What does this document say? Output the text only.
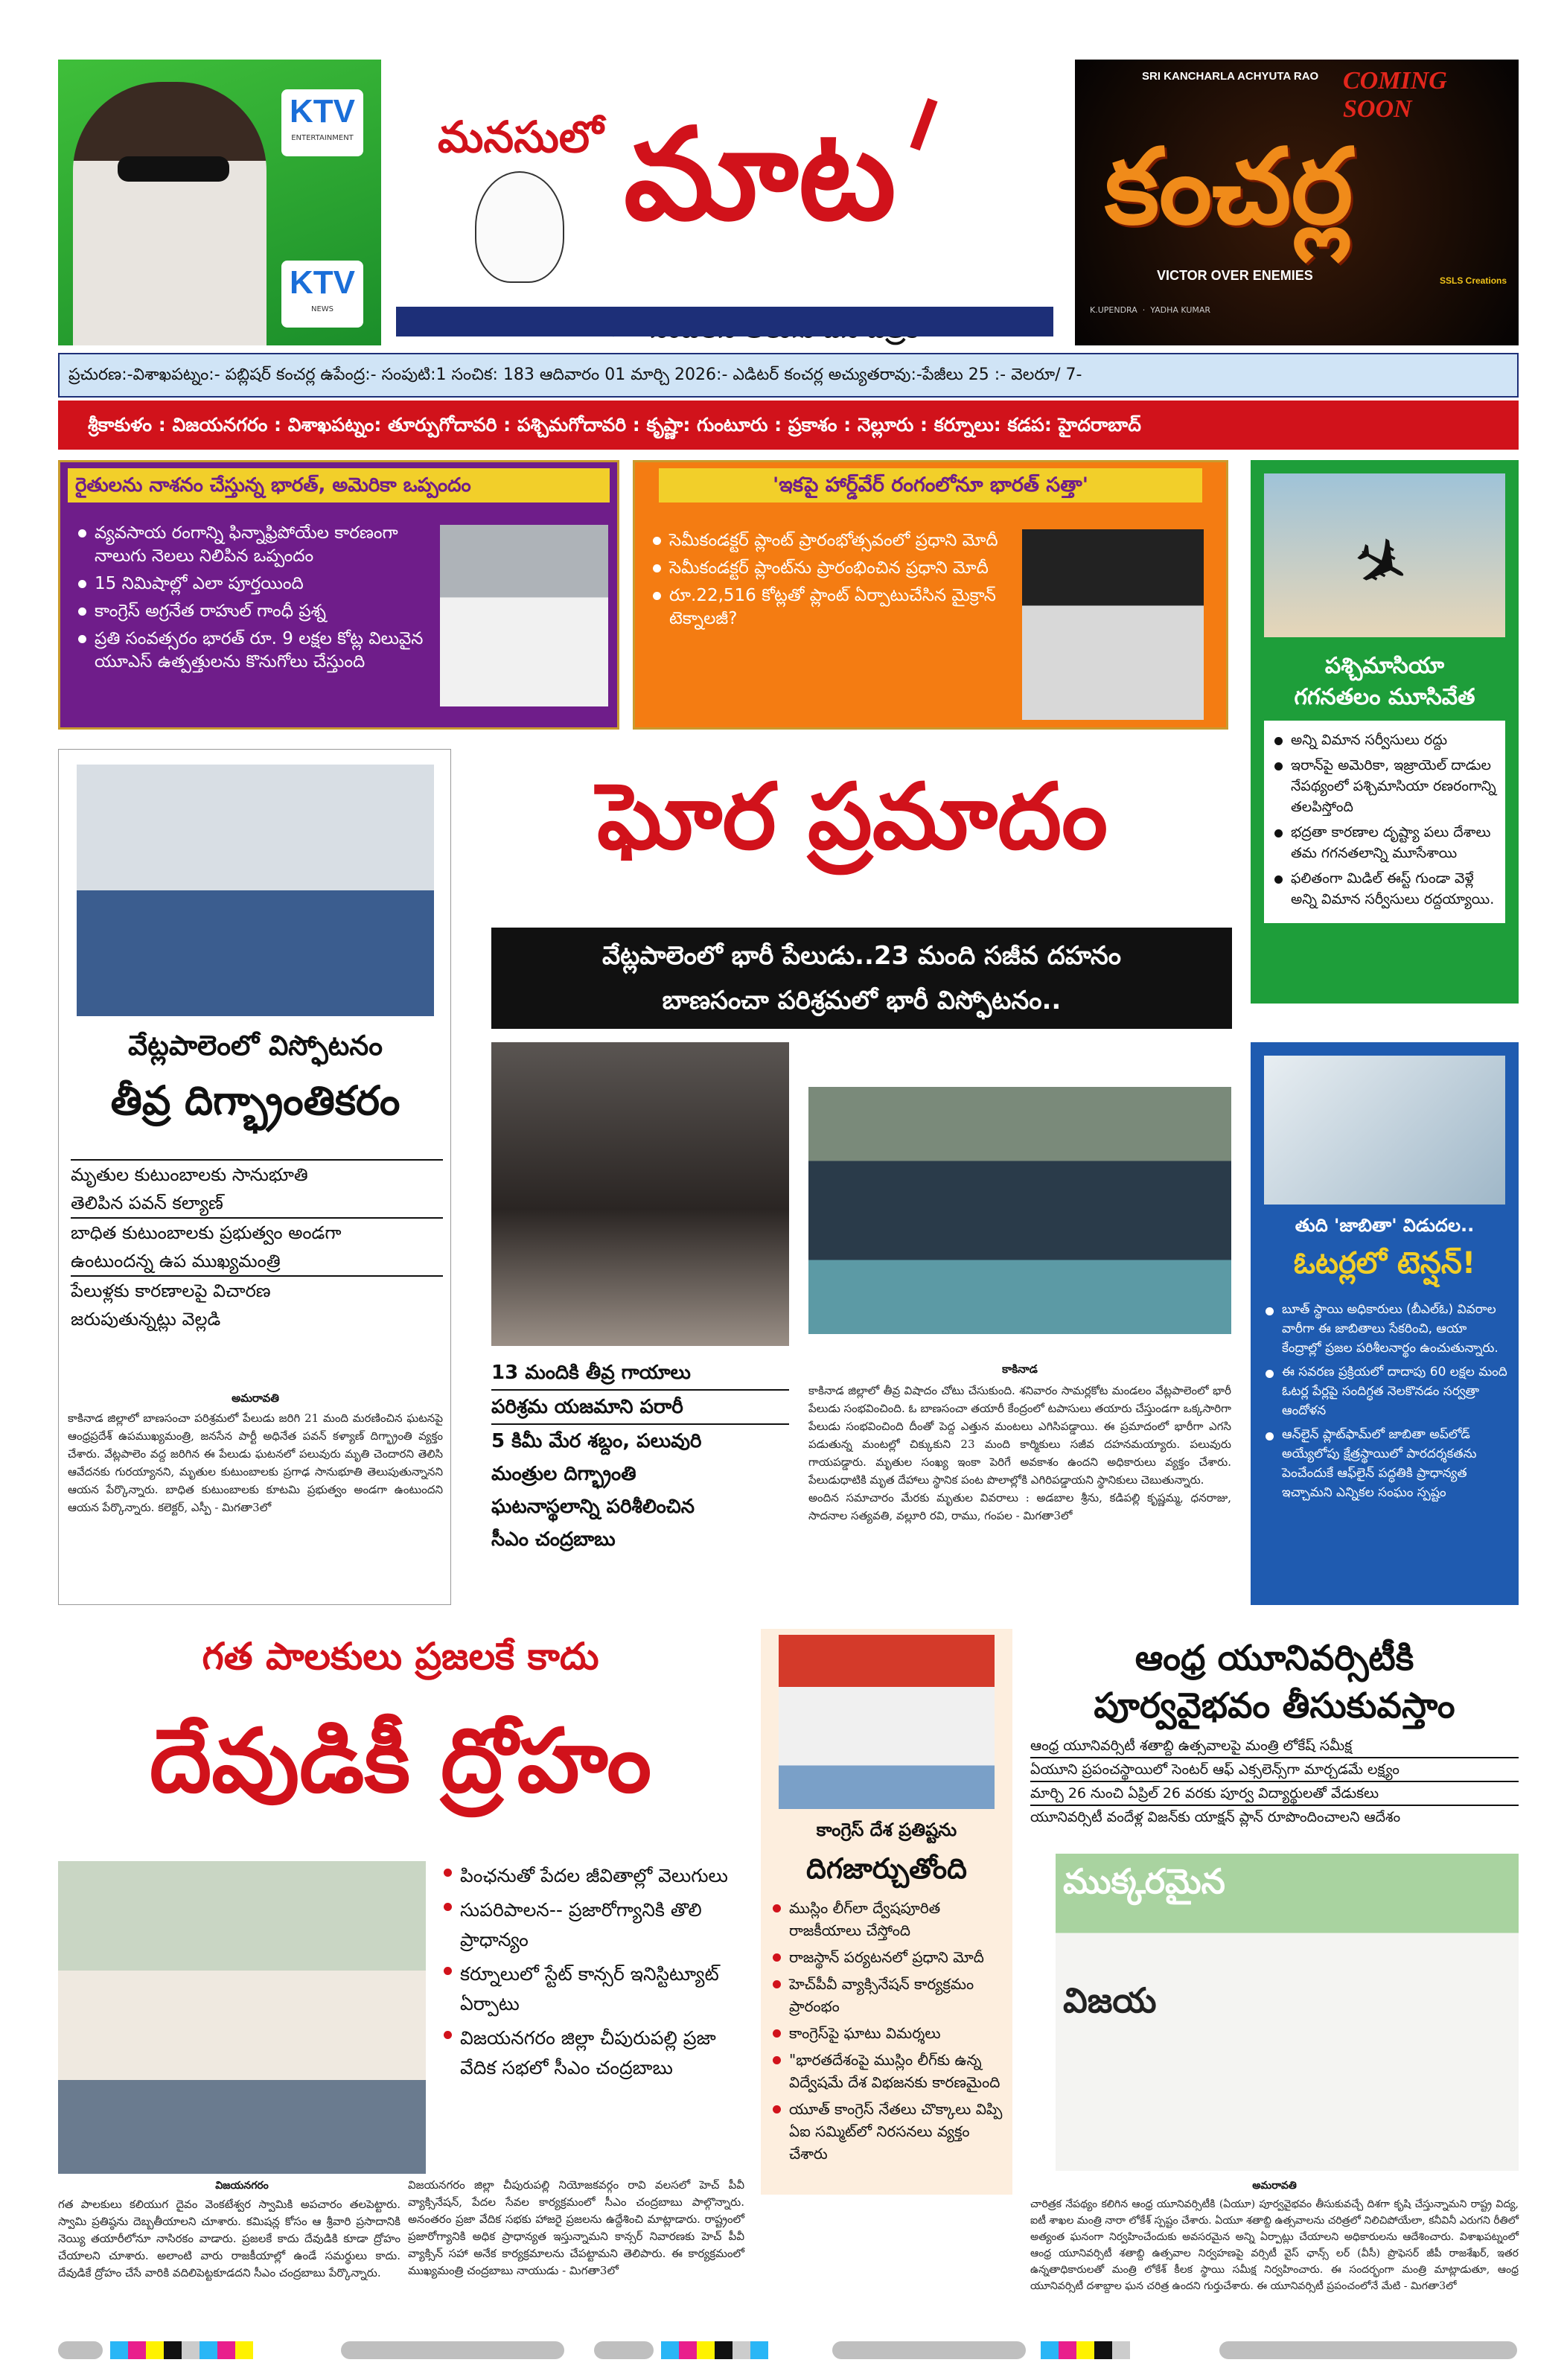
KTV
ENTERTAINMENT
KTV
NEWS
మనసులో మాట
SRI KANCHARLA ACHYUTA RAO COMING SOON
కంచర్ల
VICTOR OVER ENEMIES	SSLS Creations
K.UPENDRA  ·  YADHA KUMAR
ప్రచురణ:-విశాఖపట్నం:- పబ్లిషర్ కంచర్ల ఉపేంద్ర:- సంపుటి:1 సంచిక: 183 ఆదివారం 01 మార్చి 2026:- ఎడిటర్ కంచర్ల అచ్యుతరావు:-పేజీలు 25 :- వెలరూ/ 7-
శ్రీకాకుళం : విజయనగరం : విశాఖపట్నం: తూర్పుగోదావరి : పశ్చిమగోదావరి : కృష్ణా: గుంటూరు : ప్రకాశం : నెల్లూరు : కర్నూలు: కడప: హైదరాబాద్
రైతులను నాశనం చేస్తున్న భారత్, అమెరికా ఒప్పందం
వ్యవసాయ రంగాన్ని ఫిన్నాఫ్రిపోయేల కారణంగా నాలుగు నెలలు నిలిపిన ఒప్పందం
15 నిమిషాల్లో ఎలా పూర్తయింది
కాంగ్రెస్ అగ్రనేత రాహుల్ గాంధీ ప్రశ్న
ప్రతి సంవత్సరం భారత్ రూ. 9 లక్షల కోట్ల విలువైన యూఎస్ ఉత్పత్తులను కొనుగోలు చేస్తుంది
'ఇకపై హార్డ్‌వేర్ రంగంలోనూ భారత్ సత్తా'
సెమీకండక్టర్ ప్లాంట్ ప్రారంభోత్సవంలో ప్రధాని మోదీ
సెమీకండక్టర్ ప్లాంట్‌ను ప్రారంభించిన ప్రధాని మోదీ
రూ.22,516 కోట్లతో ప్లాంట్ ఏర్పాటుచేసిన మైక్రాన్ టెక్నాలజీ?
✈
పశ్చిమాసియా
గగనతలం మూసివేత
అన్ని విమాన సర్వీసులు రద్దు
ఇరాన్‌పై అమెరికా, ఇజ్రాయెల్ దాడుల నేపథ్యంలో పశ్చిమాసియా రణరంగాన్ని తలపిస్తోంది
భద్రతా కారణాల దృష్ట్యా పలు దేశాలు తమ గగనతలాన్ని మూసేశాయి
ఫలితంగా మిడిల్ ఈస్ట్ గుండా వెళ్లే అన్ని విమాన సర్వీసులు రద్దయ్యాయి.
వేట్లపాలెంలో విస్ఫోటనం
తీవ్ర దిగ్భ్రాంతికరం
మృతుల కుటుంబాలకు సానుభూతి
తెలిపిన పవన్ కల్యాణ్
బాధిత కుటుంబాలకు ప్రభుత్వం అండగా
ఉంటుందన్న ఉప ముఖ్యమంత్రి
పేలుళ్లకు కారణాలపై విచారణ
జరుపుతున్నట్లు వెల్లడి
అమరావతి
కాకినాడ జిల్లాలో బాణసంచా పరిశ్రమలో పేలుడు జరిగి 21 మంది మరణించిన ఘటనపై ఆంధ్రప్రదేశ్ ఉపముఖ్యమంత్రి, జనసేన పార్టీ అధినేత పవన్ కళ్యాణ్ దిగ్భ్రాంతి వ్యక్తం చేశారు. వేట్లపాలెం వద్ద జరిగిన ఈ పేలుడు ఘటనలో పలువురు మృతి చెందారని తెలిసి ఆవేదనకు గురయ్యానని, మృతుల కుటుంబాలకు ప్రగాఢ సానుభూతి తెలుపుతున్నానని ఆయన పేర్కొన్నారు. బాధిత కుటుంబాలకు కూటమి ప్రభుత్వం అండగా ఉంటుందని ఆయన పేర్కొన్నారు. కలెక్టర్, ఎస్పీ - మిగతా3లో
ఘోర ప్రమాదం
వేట్లపాలెంలో భారీ పేలుడు..23 మంది సజీవ దహనం
బాణసంచా పరిశ్రమలో భారీ విస్ఫోటనం..
13 మందికి తీవ్ర గాయాలు
పరిశ్రమ యజమాని పరారీ
5 కిమీ మేర శబ్దం, పలువురి
మంత్రుల దిగ్భ్రాంతి
ఘటనాస్థలాన్ని పరిశీలించిన
సీఎం చంద్రబాబు
కాకినాడ
కాకినాడ జిల్లాలో తీవ్ర విషాదం చోటు చేసుకుంది. శనివారం సామర్లకోట మండలం వేట్లపాలెంలో భారీ పేలుడు సంభవించింది. ఓ బాణసంచా తయారీ కేంద్రంలో టపాసులు తయారు చేస్తుండగా ఒక్కసారిగా పేలుడు సంభవించింది దీంతో పెద్ద ఎత్తున మంటలు ఎగిసిపడ్డాయి. ఈ ప్రమాదంలో భారీగా ఎగసి పడుతున్న మంటల్లో చిక్కుకుని 23 మంది కార్మికులు సజీవ దహనమయ్యారు. పలువురు గాయపడ్డారు. మృతుల సంఖ్య ఇంకా పెరిగే అవకాశం ఉందని అధికారులు వ్యక్తం చేశారు. పేలుడుధాటికి మృత దేహాలు స్థానిక పంట పొలాల్లోకి ఎగిరిపడ్డాయని స్థానికులు చెబుతున్నారు.
అందిన సమాచారం మేరకు మృతుల వివరాలు : అడబాల శ్రీను, కడిపల్లి కృష్ణమ్మ, ధనరాజు, సాదనాల సత్యవతి, వల్లూరి రవి, రాము, గంపల - మిగతా3లో
తుది 'జాబితా' విడుదల..
ఓటర్లలో టెన్షన్!
బూత్ స్థాయి అధికారులు (బీఎల్ఓ) వివరాల వారీగా ఈ జాబితాలు సేకరించి, ఆయా కేంద్రాల్లో ప్రజల పరిశీలనార్థం ఉంచుతున్నారు.
ఈ సవరణ ప్రక్రియలో దాదాపు 60 లక్షల మంది ఓటర్ల పేర్లపై సందిగ్ధత నెలకొనడం సర్వత్రా ఆందోళన
ఆన్‌లైన్ ప్లాట్‌ఫామ్‌లో జాబితా అప్‌లోడ్ అయ్యేలోపు క్షేత్రస్థాయిలో పారదర్శకతను పెంచేందుకే ఆఫ్‌లైన్ పద్ధతికి ప్రాధాన్యత ఇచ్చామని ఎన్నికల సంఘం స్పష్టం
గత పాలకులు ప్రజలకే కాదు
దేవుడికీ ద్రోహం
పింఛనుతో పేదల జీవితాల్లో వెలుగులు
సుపరిపాలన-- ప్రజారోగ్యానికి తొలి ప్రాధాన్యం
కర్నూలులో స్టేట్ కాన్సర్ ఇనిస్టిట్యూట్ ఏర్పాటు
విజయనగరం జిల్లా చీపురుపల్లి ప్రజా వేదిక సభలో సీఎం చంద్రబాబు
విజయనగరం
గత పాలకులు కలియుగ దైవం వెంకటేశ్వర స్వామికి అపచారం తలపెట్టారు. స్వామి ప్రతిష్ఠను దెబ్బతీయాలని చూశారు. కమిషన్ల కోసం ఆ శ్రీవారి ప్రసాదానికి నెయ్యి తయారీలోనూ నాసిరకం వాడారు. ప్రజలకే కాదు దేవుడికి కూడా ద్రోహం చేయాలని చూశారు. అలాంటి వారు రాజకీయాల్లో ఉండే సమర్థులు కాదు. దేవుడికే ద్రోహం చేసే వారికి వదిలిపెట్టకూడదని సీఎం చంద్రబాబు పేర్కొన్నారు.
విజయనగరం జిల్లా చీపురుపల్లి నియోజకవర్గం రావి వలసలో హెచ్ పీవీ వ్యాక్సినేషన్, పేదల సేవల కార్యక్రమంలో సీఎం చంద్రబాబు పాల్గొన్నారు. అనంతరం ప్రజా వేదిక సభకు హాజరై ప్రజలను ఉద్దేశించి మాట్లాడారు. రాష్ట్రంలో ప్రజారోగ్యానికి అధిక ప్రాధాన్యత ఇస్తున్నామని కాన్సర్ నివారణకు హెచ్ పీవీ వ్యాక్సిన్ సహా అనేక కార్యక్రమాలను చేపట్టామని తెలిపారు. ఈ కార్యక్రమంలో ముఖ్యమంత్రి చంద్రబాబు నాయుడు - మిగతా3లో
కాంగ్రెస్ దేశ ప్రతిష్టను
దిగజార్చుతోంది
ముస్లిం లీగ్‌లా ద్వేషపూరిత రాజకీయాలు చేస్తోంది
రాజస్థాన్ పర్యటనలో ప్రధాని మోదీ
హెచ్‌పీవీ వ్యాక్సినేషన్ కార్యక్రమం ప్రారంభం
కాంగ్రెస్‌పై ఘాటు విమర్శలు
"భారతదేశంపై ముస్లిం లీగ్‌కు ఉన్న విద్వేషమే దేశ విభజనకు కారణమైంది
యూత్ కాంగ్రెస్ నేతలు చొక్కాలు విప్పి ఏఐ సమ్మిట్‌లో నిరసనలు వ్యక్తం చేశారు
ఆంధ్ర యూనివర్సిటీకి
పూర్వవైభవం తీసుకువస్తాం
ఆంధ్ర యూనివర్సిటీ శతాబ్ది ఉత్సవాలపై మంత్రి లోకేష్ సమీక్ష
ఏయూని ప్రపంచస్థాయిలో సెంటర్ ఆఫ్ ఎక్సలెన్స్‌గా మార్చడమే లక్ష్యం
మార్చి 26 నుంచి ఏప్రిల్ 26 వరకు పూర్వ విద్యార్థులతో వేడుకలు
యూనివర్సిటీ వందేళ్ల విజన్‌కు యాక్షన్ ప్లాన్ రూపొందించాలని ఆదేశం
ముక్కరమైన
విజయ
అమరావతి
చారిత్రక నేపథ్యం కలిగిన ఆంధ్ర యూనివర్సిటీకి (ఏయూ) పూర్వవైభవం తీసుకువచ్చే దిశగా కృషి చేస్తున్నామని రాష్ట్ర విద్య, ఐటీ శాఖల మంత్రి నారా లోకేశ్ స్పష్టం చేశారు. ఏయూ శతాబ్ది ఉత్సవాలను చరిత్రలో నిలిచిపోయేలా, కనీవినీ ఎరుగని రీతిలో అత్యంత ఘనంగా నిర్వహించేందుకు అవసరమైన అన్ని ఏర్పాట్లు చేయాలని అధికారులను ఆదేశించారు. విశాఖపట్నంలో ఆంధ్ర యూనివర్సిటీ శతాబ్ది ఉత్సవాల నిర్వహణపై వర్సిటీ వైస్ ఛాన్స్ లర్ (వీసీ) ప్రొఫెసర్ జీపీ రాజశేఖర్, ఇతర ఉన్నతాధికారులతో మంత్రి లోకేశ్ కీలక స్థాయి సమీక్ష నిర్వహించారు. ఈ సందర్భంగా మంత్రి మాట్లాడుతూ, ఆంధ్ర యూనివర్సిటీ దశాబ్దాల ఘన చరిత్ర ఉందని గుర్తుచేశారు. ఈ యూనివర్సిటీ ప్రపంచంలోనే మేటి - మిగతా3లో
